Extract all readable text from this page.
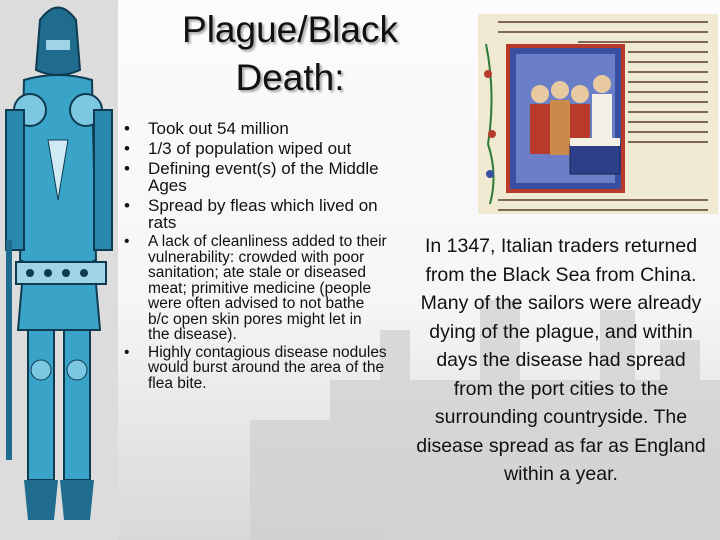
Plague/Black
Death:
• Took out 54 million
• 1/3 of population wiped out
• Defining event(s) of the Middle Ages
• Spread by fleas which lived on rats
• A lack of cleanliness added to their vulnerability: crowded with poor sanitation; ate stale or diseased meat; primitive medicine (people were often advised to not bathe b/c open skin pores might let in the disease).
• Highly contagious disease nodules would burst around the area of the flea bite.
In 1347, Italian traders returned from the Black Sea from China. Many of the sailors were already dying of the plague, and within days the disease had spread from the port cities to the surrounding countryside. The disease spread as far as England within a year.
